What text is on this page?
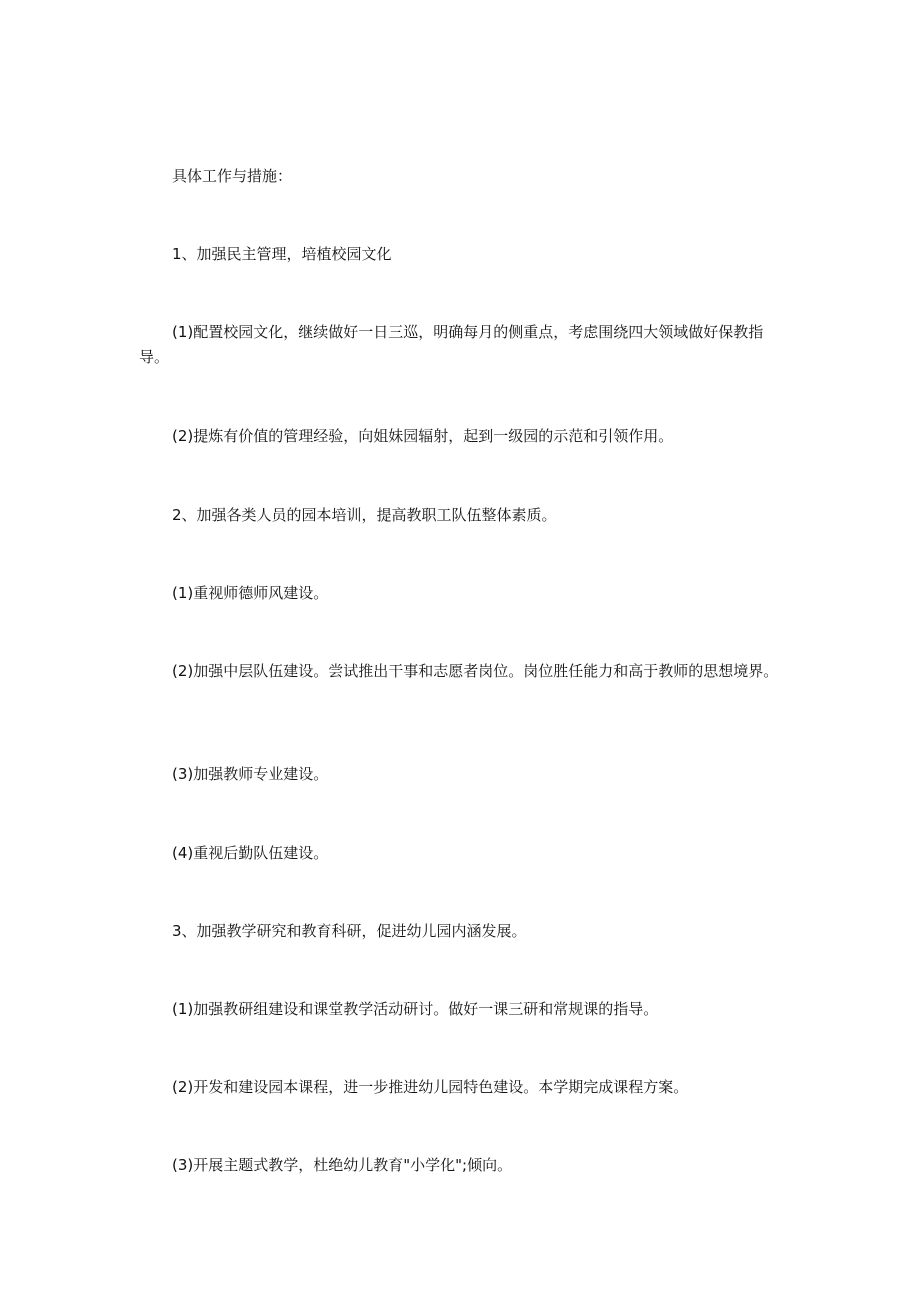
具体工作与措施：

1、加强民主管理，培植校园文化

(1)配置校园文化，继续做好一日三巡，明确每月的侧重点，考虑围绕四大领域做好保教指导。

(2)提炼有价值的管理经验，向姐妹园辐射，起到一级园的示范和引领作用。

2、加强各类人员的园本培训，提高教职工队伍整体素质。

(1)重视师德师风建设。

(2)加强中层队伍建设。尝试推出干事和志愿者岗位。岗位胜任能力和高于教师的思想境界。

(3)加强教师专业建设。

(4)重视后勤队伍建设。

3、加强教学研究和教育科研，促进幼儿园内涵发展。

(1)加强教研组建设和课堂教学活动研讨。做好一课三研和常规课的指导。

(2)开发和建设园本课程，进一步推进幼儿园特色建设。本学期完成课程方案。

(3)开展主题式教学，杜绝幼儿教育"小学化";倾向。
